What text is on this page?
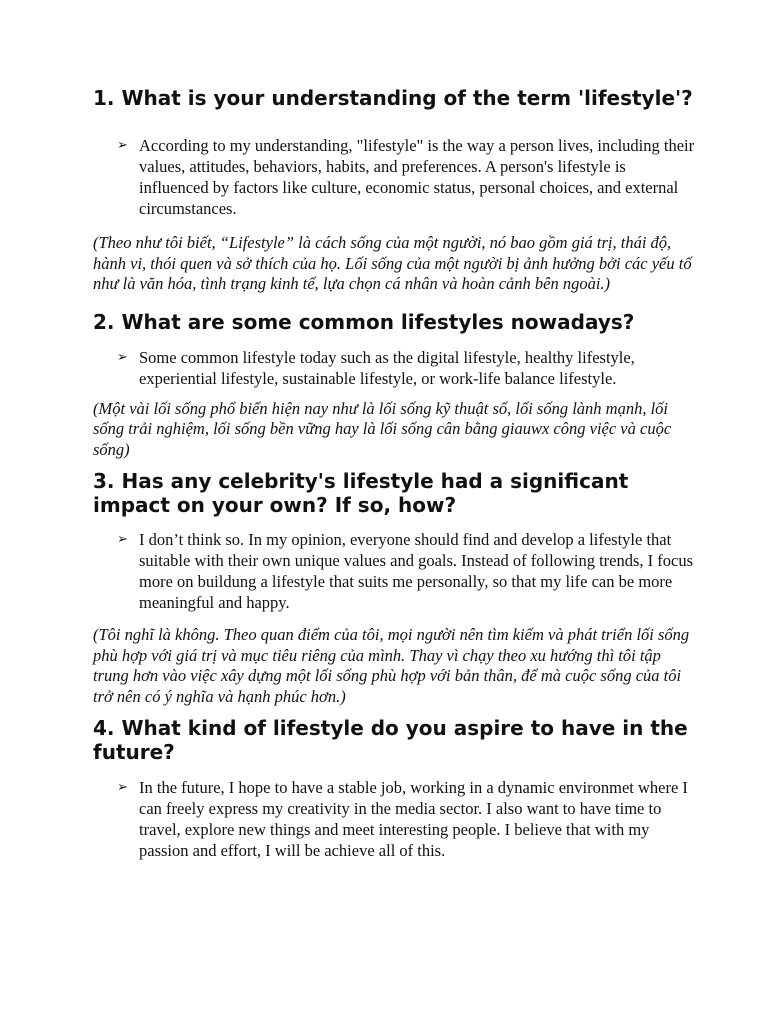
1. What is your understanding of the term 'lifestyle'?
➢ According to my understanding, "lifestyle" is the way a person lives, including their values, attitudes, behaviors, habits, and preferences. A person's lifestyle is influenced by factors like culture, economic status, personal choices, and external circumstances.

(Theo như tôi biết, “Lifestyle” là cách sống của một người, nó bao gồm giá trị, thái độ, hành vi, thói quen và sở thích của họ. Lối sống của một người bị ảnh hưởng bởi các yếu tố như là văn hóa, tình trạng kinh tế, lựa chọn cá nhân và hoàn cảnh bên ngoài.)

2. What are some common lifestyles nowadays?
➢ Some common lifestyle today such as the digital lifestyle, healthy lifestyle, experiential lifestyle, sustainable lifestyle, or work-life balance lifestyle.

(Một vài lối sống phổ biến hiện nay như là lối sống kỹ thuật số, lối sống lành mạnh, lối sống trải nghiệm, lối sống bền vững hay là lối sống cân bằng giauwx công việc và cuộc sống)

3. Has any celebrity's lifestyle had a significant impact on your own? If so, how?
➢ I don’t think so. In my opinion, everyone should find and develop a lifestyle that suitable with their own unique values and goals. Instead of following trends, I focus more on buildung a lifestyle that suits me personally, so that my life can be more meaningful and happy.

(Tôi nghĩ là không. Theo quan điểm của tôi, mọi người nên tìm kiếm và phát triển lối sống phù hợp với giá trị và mục tiêu riêng của mình. Thay vì chạy theo xu hướng thì tôi tập trung hơn vào việc xây dựng một lối sống phù hợp với bản thân, để mà cuộc sống của tôi trở nên có ý nghĩa và hạnh phúc hơn.)

4. What kind of lifestyle do you aspire to have in the future?
➢ In the future, I hope to have a stable job, working in a dynamic environmet where I can freely express my creativity in the media sector. I also want to have time to travel, explore new things and meet interesting people. I believe that with my passion and effort, I will be achieve all of this.
